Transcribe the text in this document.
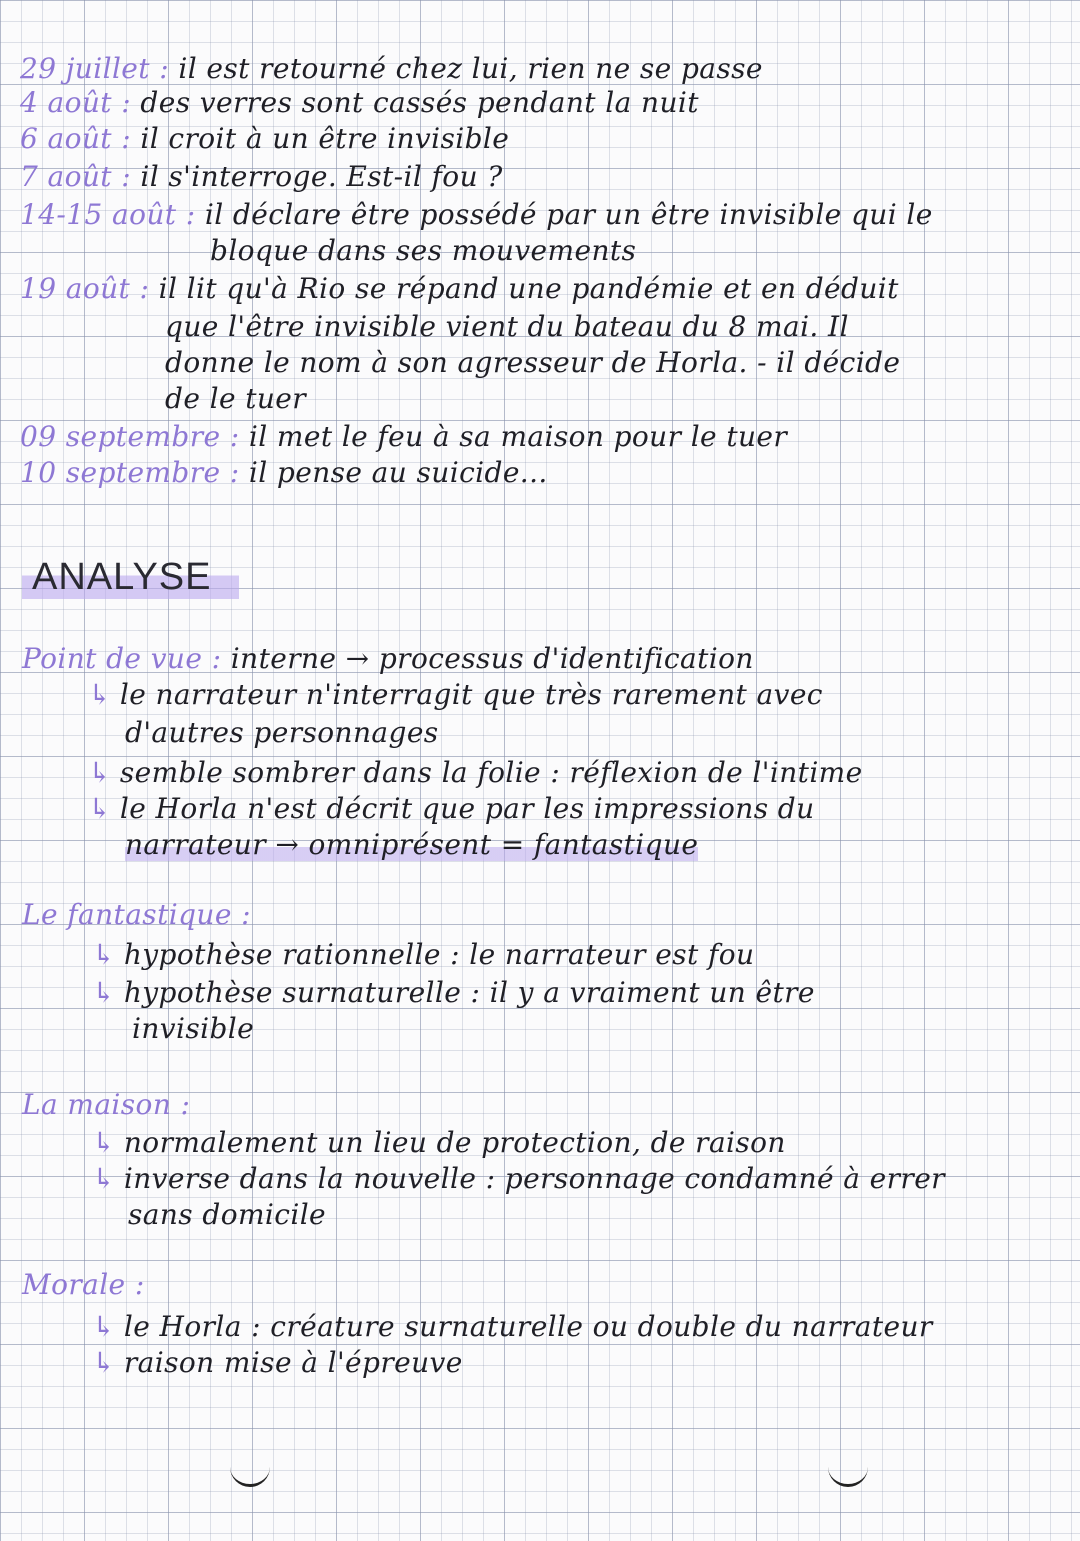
29 juillet : il est retourné chez lui, rien ne se passe
4 août : des verres sont cassés pendant la nuit
6 août : il croit à un être invisible
7 août : il s'interroge. Est-il fou ?
14-15 août : il déclare être possédé par un être invisible qui le
bloque dans ses mouvements
19 août : il lit qu'à Rio se répand une pandémie et en déduit
que l'être invisible vient du bateau du 8 mai. Il
donne le nom à son agresseur de Horla. - il décide
de le tuer
09 septembre : il met le feu à sa maison pour le tuer
10 septembre : il pense au suicide...
ANALYSE
Point de vue : interne → processus d'identification
↳ le narrateur n'interragit que très rarement avec
d'autres personnages
↳ semble sombrer dans la folie : réflexion de l'intime
↳ le Horla n'est décrit que par les impressions du
narrateur → omniprésent = fantastique
Le fantastique :
↳ hypothèse rationnelle : le narrateur est fou
↳ hypothèse surnaturelle : il y a vraiment un être
invisible
La maison :
↳ normalement un lieu de protection, de raison
↳ inverse dans la nouvelle : personnage condamné à errer
sans domicile
Morale :
↳ le Horla : créature surnaturelle ou double du narrateur
↳ raison mise à l'épreuve
